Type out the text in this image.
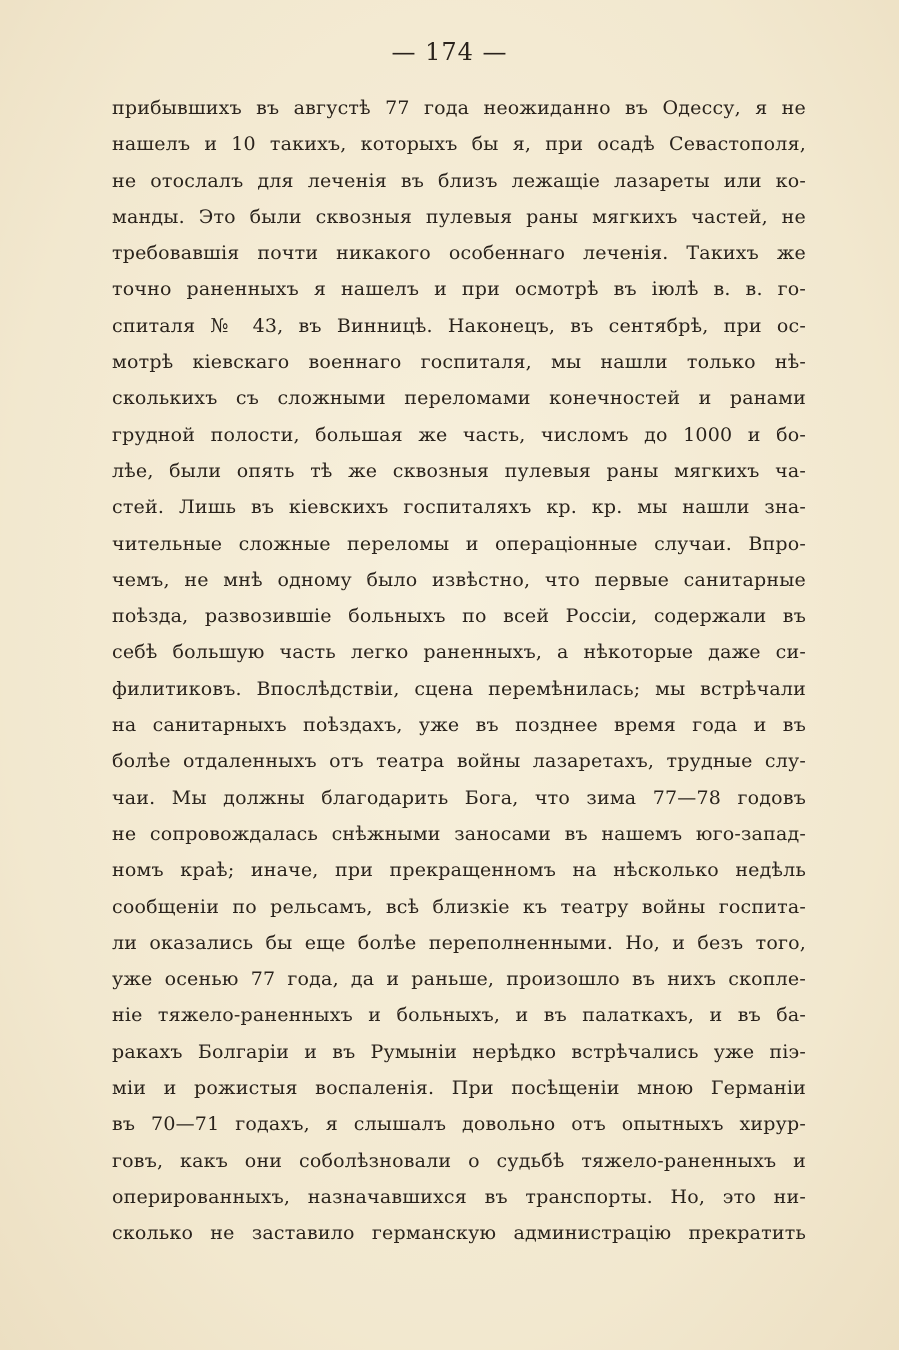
— 174 —
прибывшихъ въ августѣ 77 года неожиданно въ Одессу, я не
нашелъ и 10 такихъ, которыхъ бы я, при осадѣ Севастополя,
не отослалъ для леченія въ близъ лежащіе лазареты или ко-
манды. Это были сквозныя пулевыя раны мягкихъ частей, не
требовавшія почти никакого особеннаго леченія. Такихъ же
точно раненныхъ я нашелъ и при осмотрѣ въ іюлѣ в. в. го-
спиталя № 43, въ Винницѣ. Наконецъ, въ сентябрѣ, при ос-
мотрѣ кіевскаго военнаго госпиталя, мы нашли только нѣ-
сколькихъ съ сложными переломами конечностей и ранами
грудной полости, большая же часть, числомъ до 1000 и бо-
лѣе, были опять тѣ же сквозныя пулевыя раны мягкихъ ча-
стей. Лишь въ кіевскихъ госпиталяхъ кр. кр. мы нашли зна-
чительные сложные переломы и операціонные случаи. Впро-
чемъ, не мнѣ одному было извѣстно, что первые санитарные
поѣзда, развозившіе больныхъ по всей Россіи, содержали въ
себѣ большую часть легко раненныхъ, а нѣкоторые даже си-
филитиковъ. Впослѣдствіи, сцена перемѣнилась; мы встрѣчали
на санитарныхъ поѣздахъ, уже въ позднее время года и въ
болѣе отдаленныхъ отъ театра войны лазаретахъ, трудные слу-
чаи. Мы должны благодарить Бога, что зима 77—78 годовъ
не сопровождалась снѣжными заносами въ нашемъ юго-запад-
номъ краѣ; иначе, при прекращенномъ на нѣсколько недѣль
сообщеніи по рельсамъ, всѣ близкіе къ театру войны госпита-
ли оказались бы еще болѣе переполненными. Но, и безъ того,
уже осенью 77 года, да и раньше, произошло въ нихъ скопле-
ніе тяжело-раненныхъ и больныхъ, и въ палаткахъ, и въ ба-
ракахъ Болгаріи и въ Румыніи нерѣдко встрѣчались уже піэ-
міи и рожистыя воспаленія. При посѣщеніи мною Германіи
въ 70—71 годахъ, я слышалъ довольно отъ опытныхъ хирур-
говъ, какъ они соболѣзновали о судьбѣ тяжело-раненныхъ и
оперированныхъ, назначавшихся въ транспорты. Но, это ни-
сколько не заставило германскую администрацію прекратить
